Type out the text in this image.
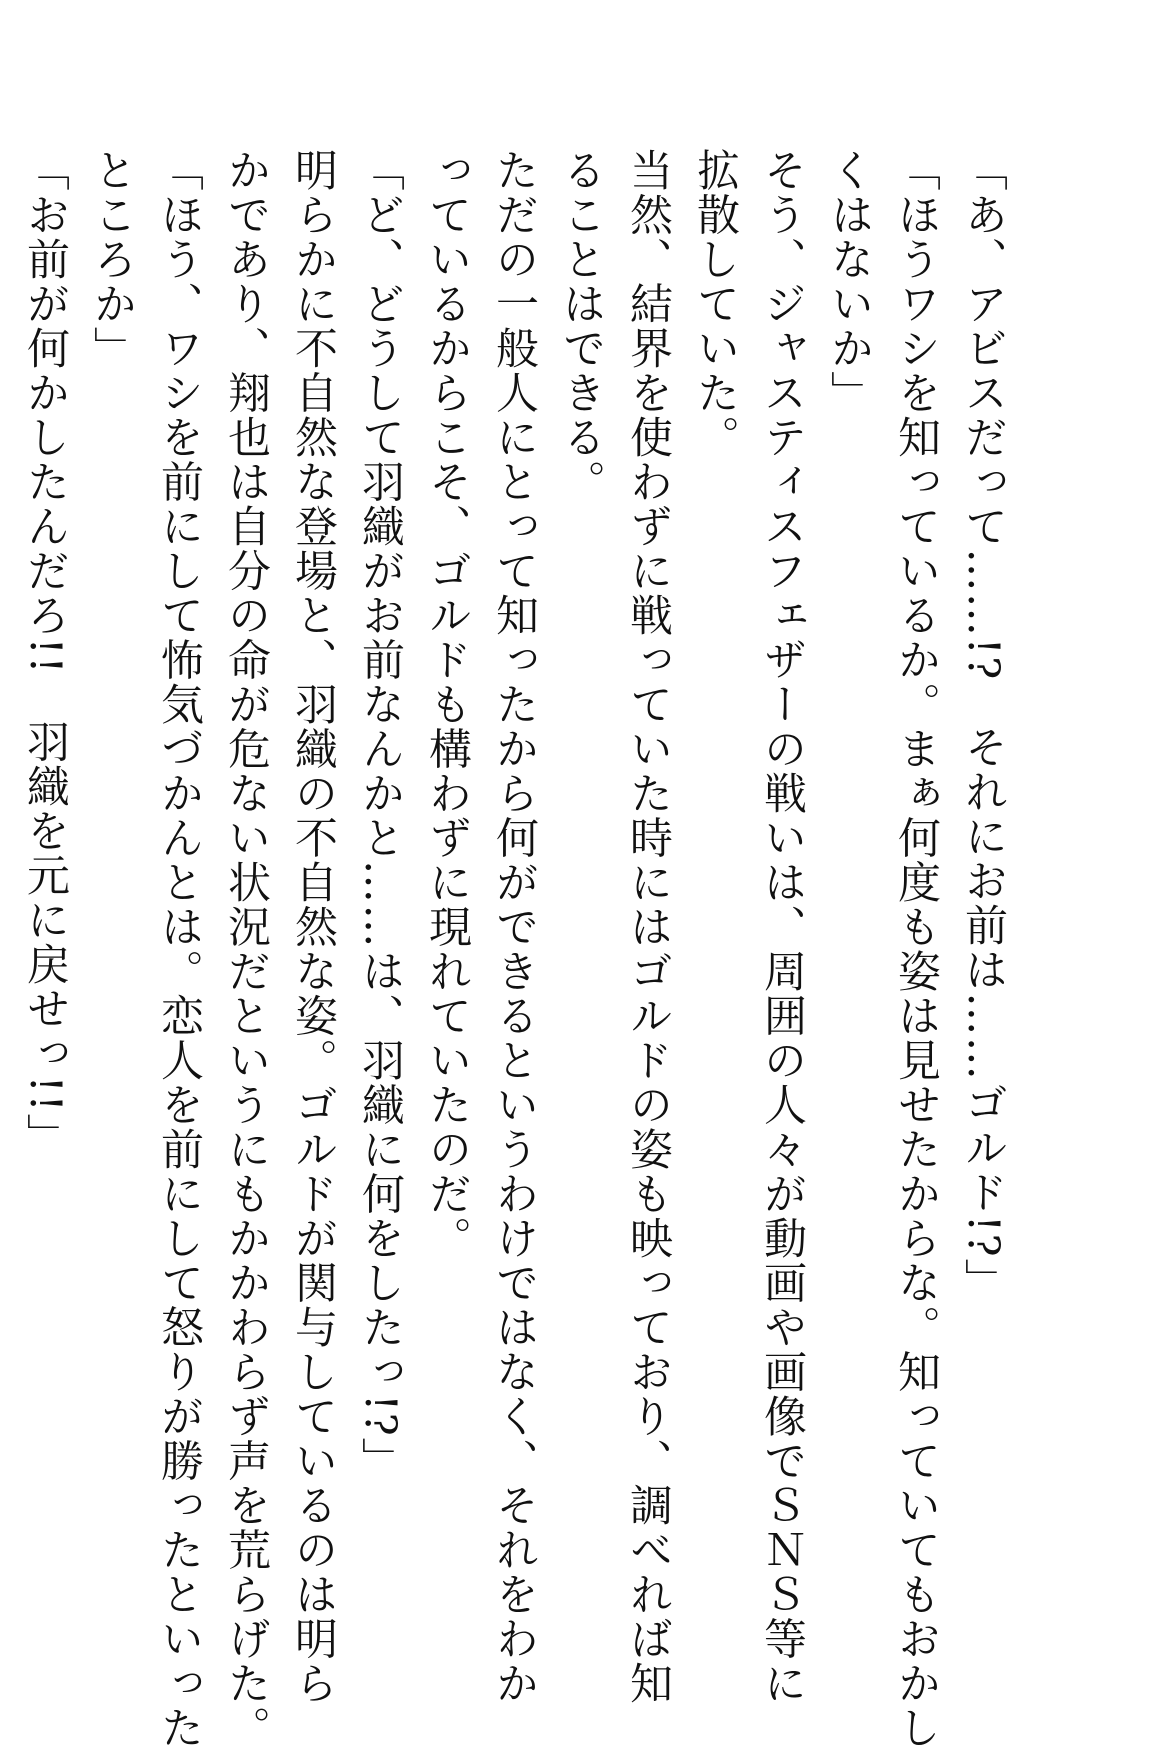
「あ、アビスだって……!?　それにお前は……ゴルド!?」
「ほうワシを知っているか。まぁ何度も姿は見せたからな。知っていてもおかし
くはないか」
そう、ジャスティスフェザーの戦いは、周囲の人々が動画や画像でＳＮＳ等に
拡散していた。
当然、結界を使わずに戦っていた時にはゴルドの姿も映っており、調べれば知
ることはできる。
ただの一般人にとって知ったから何ができるというわけではなく、それをわか
っているからこそ、ゴルドも構わずに現れていたのだ。
「ど、どうして羽織がお前なんかと……は、羽織に何をしたっ!?」
明らかに不自然な登場と、羽織の不自然な姿。ゴルドが関与しているのは明ら
かであり、翔也は自分の命が危ない状況だというにもかかわらず声を荒らげた。
「ほう、ワシを前にして怖気づかんとは。恋人を前にして怒りが勝ったといった
ところか」
「お前が何かしたんだろ!!　羽織を元に戻せっ!!」
